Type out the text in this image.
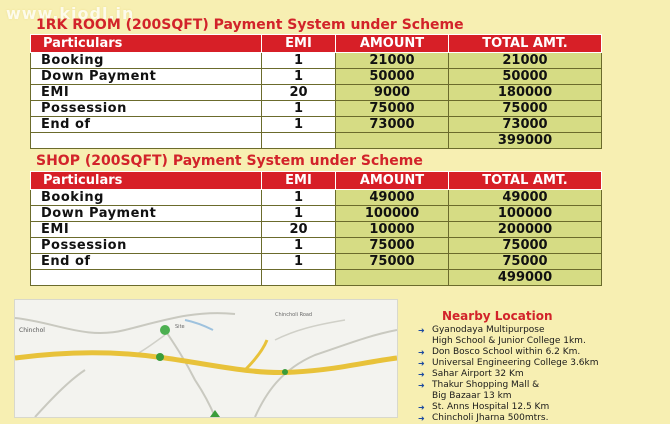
www.kiodl.in
1RK ROOM (200SQFT) Payment System under Scheme
Particulars	EMI	AMOUNT	TOTAL AMT.
Booking	1	21000	21000
Down Payment	1	50000	50000
EMI	20	9000	180000
Possession	1	75000	75000
End of	1	73000	73000
			399000
SHOP (200SQFT) Payment System under Scheme
Particulars	EMI	AMOUNT	TOTAL AMT.
Booking	1	49000	49000
Down Payment	1	100000	100000
EMI	20	10000	200000
Possession	1	75000	75000
End of	1	75000	75000
			499000
Chinchol
Chincholi Road
Site
Nearby Location
➜ Gyanodaya Multipurpose
High School & Junior College 1km.
➜ Don Bosco School within 6.2 Km.
➜ Universal Engineering College 3.6km
➜ Sahar Airport 32 Km
➜ Thakur Shopping Mall &
Big Bazaar 13 km
➜ St. Anns Hospital 12.5 Km
➜ Chincholi Jharna 500mtrs.
